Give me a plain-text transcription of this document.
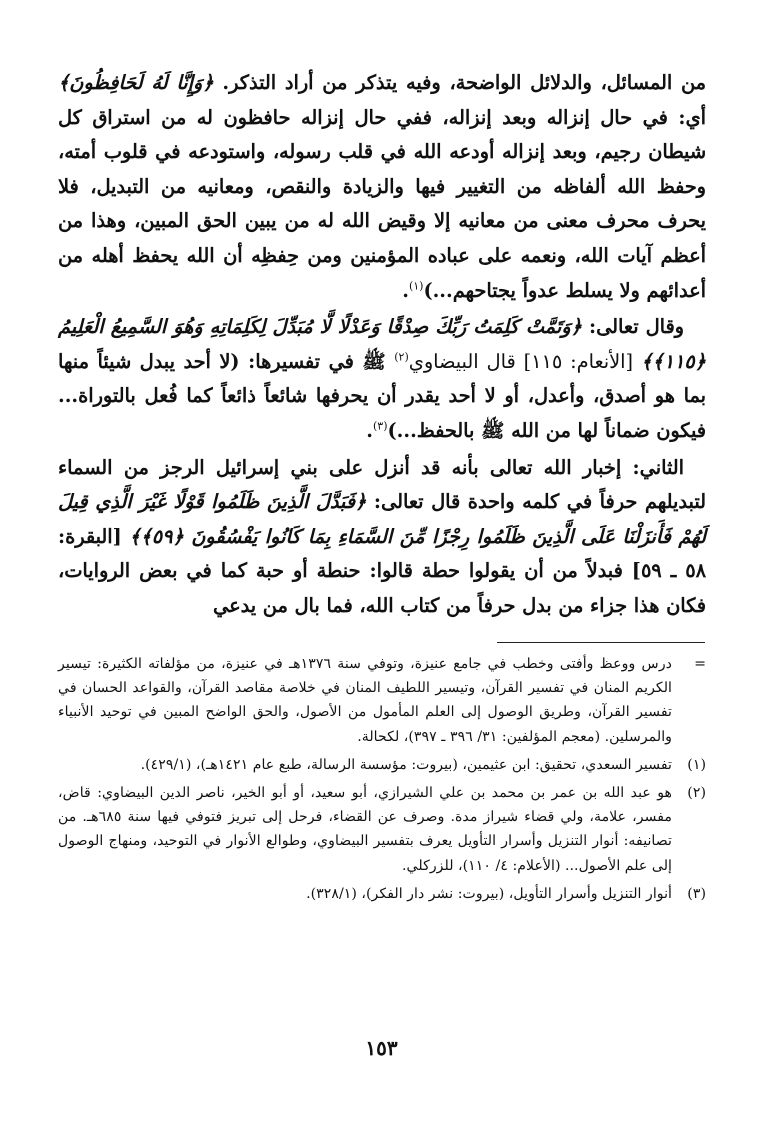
من المسائل، والدلائل الواضحة، وفيه يتذكر من أراد التذكر. ﴿وَإِنَّا لَهُ لَحَافِظُونَ﴾ أي: في حال إنزاله وبعد إنزاله، ففي حال إنزاله حافظون له من استراق كل شيطان رجيم، وبعد إنزاله أودعه الله في قلب رسوله، واستودعه في قلوب أمته، وحفظ الله ألفاظه من التغيير فيها والزيادة والنقص، ومعانيه من التبديل، فلا يحرف محرف معنى من معانيه إلا وقيض الله له من يبين الحق المبين، وهذا من أعظم آيات الله، ونعمه على عباده المؤمنين ومن حِفظِه أن الله يحفظ أهله من أعدائهم ولا يسلط عدواً يجتاحهم...)$^{(١)}$.

وقال تعالى: ﴿وَتَمَّتْ كَلِمَتُ رَبِّكَ صِدْقًا وَعَدْلًا لَّا مُبَدِّلَ لِكَلِمَاتِهِ وَهُوَ السَّمِيعُ الْعَلِيمُ ﴿١١٥﴾﴾ [الأنعام: ١١٥] قال البيضاوي$^{(٢)}$ ﷺ في تفسيرها: (لا أحد يبدل شيئاً منها بما هو أصدق، وأعدل، أو لا أحد يقدر أن يحرفها شائعاً ذائعاً كما فُعل بالتوراة... فيكون ضماناً لها من الله ﷺ بالحفظ...)$^{(٣)}$.

الثاني: إخبار الله تعالى بأنه قد أنزل على بني إسرائيل الرجز من السماء لتبديلهم حرفاً في كلمه واحدة قال تعالى: ﴿فَبَدَّلَ الَّذِينَ ظَلَمُوا قَوْلًا غَيْرَ الَّذِي قِيلَ لَهُمْ فَأَنزَلْنَا عَلَى الَّذِينَ ظَلَمُوا رِجْزًا مِّنَ السَّمَاءِ بِمَا كَانُوا يَفْسُقُونَ ﴿٥٩﴾﴾ [البقرة: ٥٨ ـ ٥٩] فبدلاً من أن يقولوا حطة قالوا: حنطة أو حبة كما في بعض الروايات، فكان هذا جزاء من بدل حرفاً من كتاب الله، فما بال من يدعي

=
درس ووعظ وأفتى وخطب في جامع عنيزة، وتوفي سنة ١٣٧٦هـ في عنيزة، من مؤلفاته الكثيرة: تيسير الكريم المنان في تفسير القرآن، وتيسير اللطيف المنان في خلاصة مقاصد القرآن، والقواعد الحسان في تفسير القرآن، وطريق الوصول إلى العلم المأمول من الأصول، والحق الواضح المبين في توحيد الأنبياء والمرسلين. (معجم المؤلفين: ٣١/ ٣٩٦ ـ ٣٩٧)، لكحالة.
(١)
تفسير السعدي، تحقيق: ابن عثيمين، (بيروت: مؤسسة الرسالة، طبع عام ١٤٢١هـ)، (٤٢٩/١).
(٢)
هو عبد الله بن عمر بن محمد بن علي الشيرازي، أبو سعيد، أو أبو الخير، ناصر الدين البيضاوي: قاض، مفسر، علامة، ولي قضاء شيراز مدة. وصرف عن القضاء، فرحل إلى تبريز فتوفي فيها سنة ٦٨٥هـ. من تصانيفه: أنوار التنزيل وأسرار التأويل يعرف بتفسير البيضاوي، وطوالع الأنوار في التوحيد، ومنهاج الوصول إلى علم الأصول... (الأعلام: ٤/ ١١٠)، للزركلي.
(٣)
أنوار التنزيل وأسرار التأويل، (بيروت: نشر دار الفكر)، (٣٢٨/١).
١٥٣
